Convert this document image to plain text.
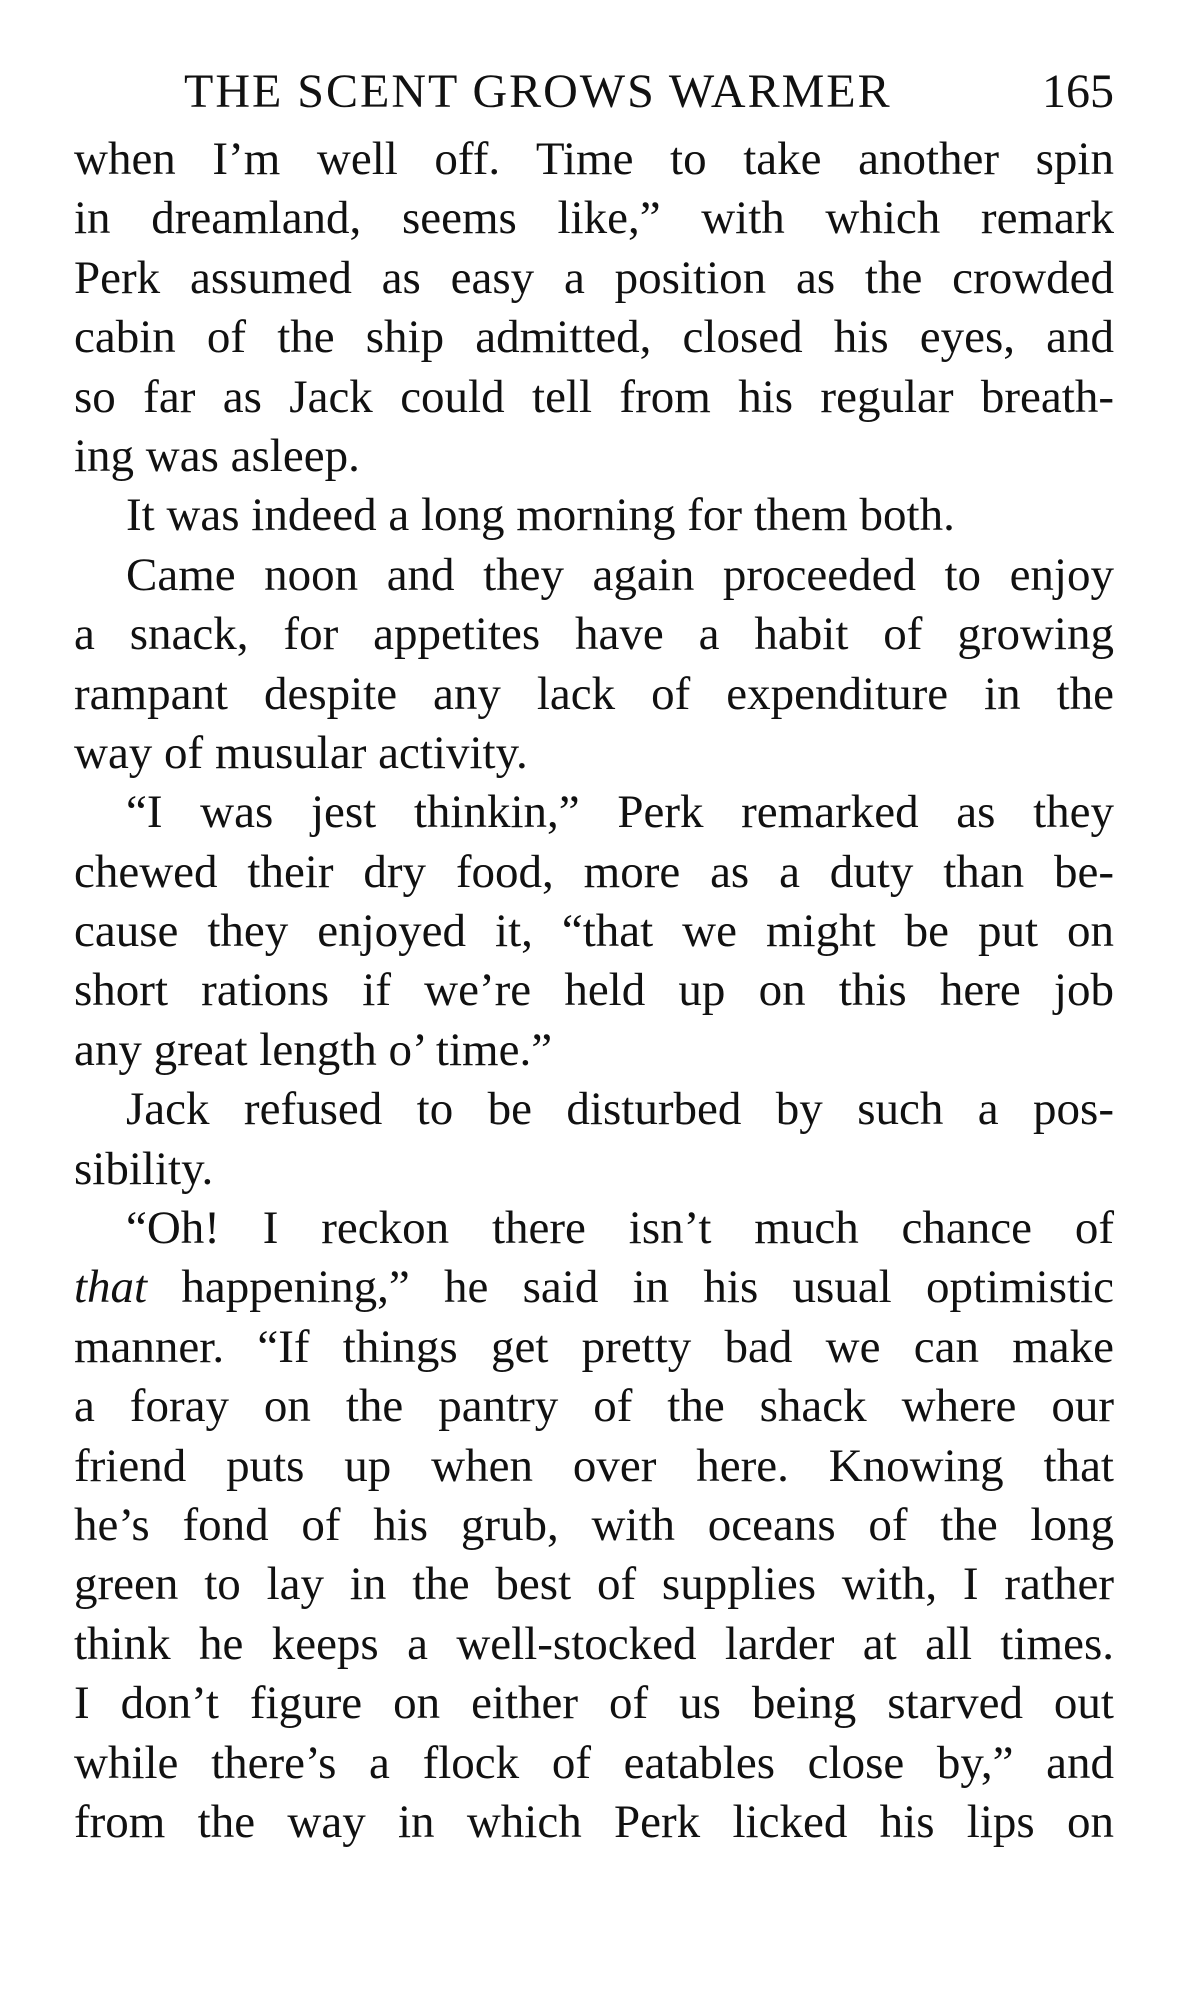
THE SCENT GROWS WARMER	165
when I’m well off. Time to take another spin
in dreamland, seems like,” with which remark
Perk assumed as easy a position as the crowded
cabin of the ship admitted, closed his eyes, and
so far as Jack could tell from his regular breath-
ing was asleep.
It was indeed a long morning for them both.
Came noon and they again proceeded to enjoy
a snack, for appetites have a habit of growing
rampant despite any lack of expenditure in the
way of musular activity.
“I was jest thinkin,” Perk remarked as they
chewed their dry food, more as a duty than be-
cause they enjoyed it, “that we might be put on
short rations if we’re held up on this here job
any great length o’ time.”
Jack refused to be disturbed by such a pos-
sibility.
“Oh! I reckon there isn’t much chance of
that happening,” he said in his usual optimistic
manner. “If things get pretty bad we can make
a foray on the pantry of the shack where our
friend puts up when over here. Knowing that
he’s fond of his grub, with oceans of the long
green to lay in the best of supplies with, I rather
think he keeps a well-stocked larder at all times.
I don’t figure on either of us being starved out
while there’s a flock of eatables close by,” and
from the way in which Perk licked his lips on
